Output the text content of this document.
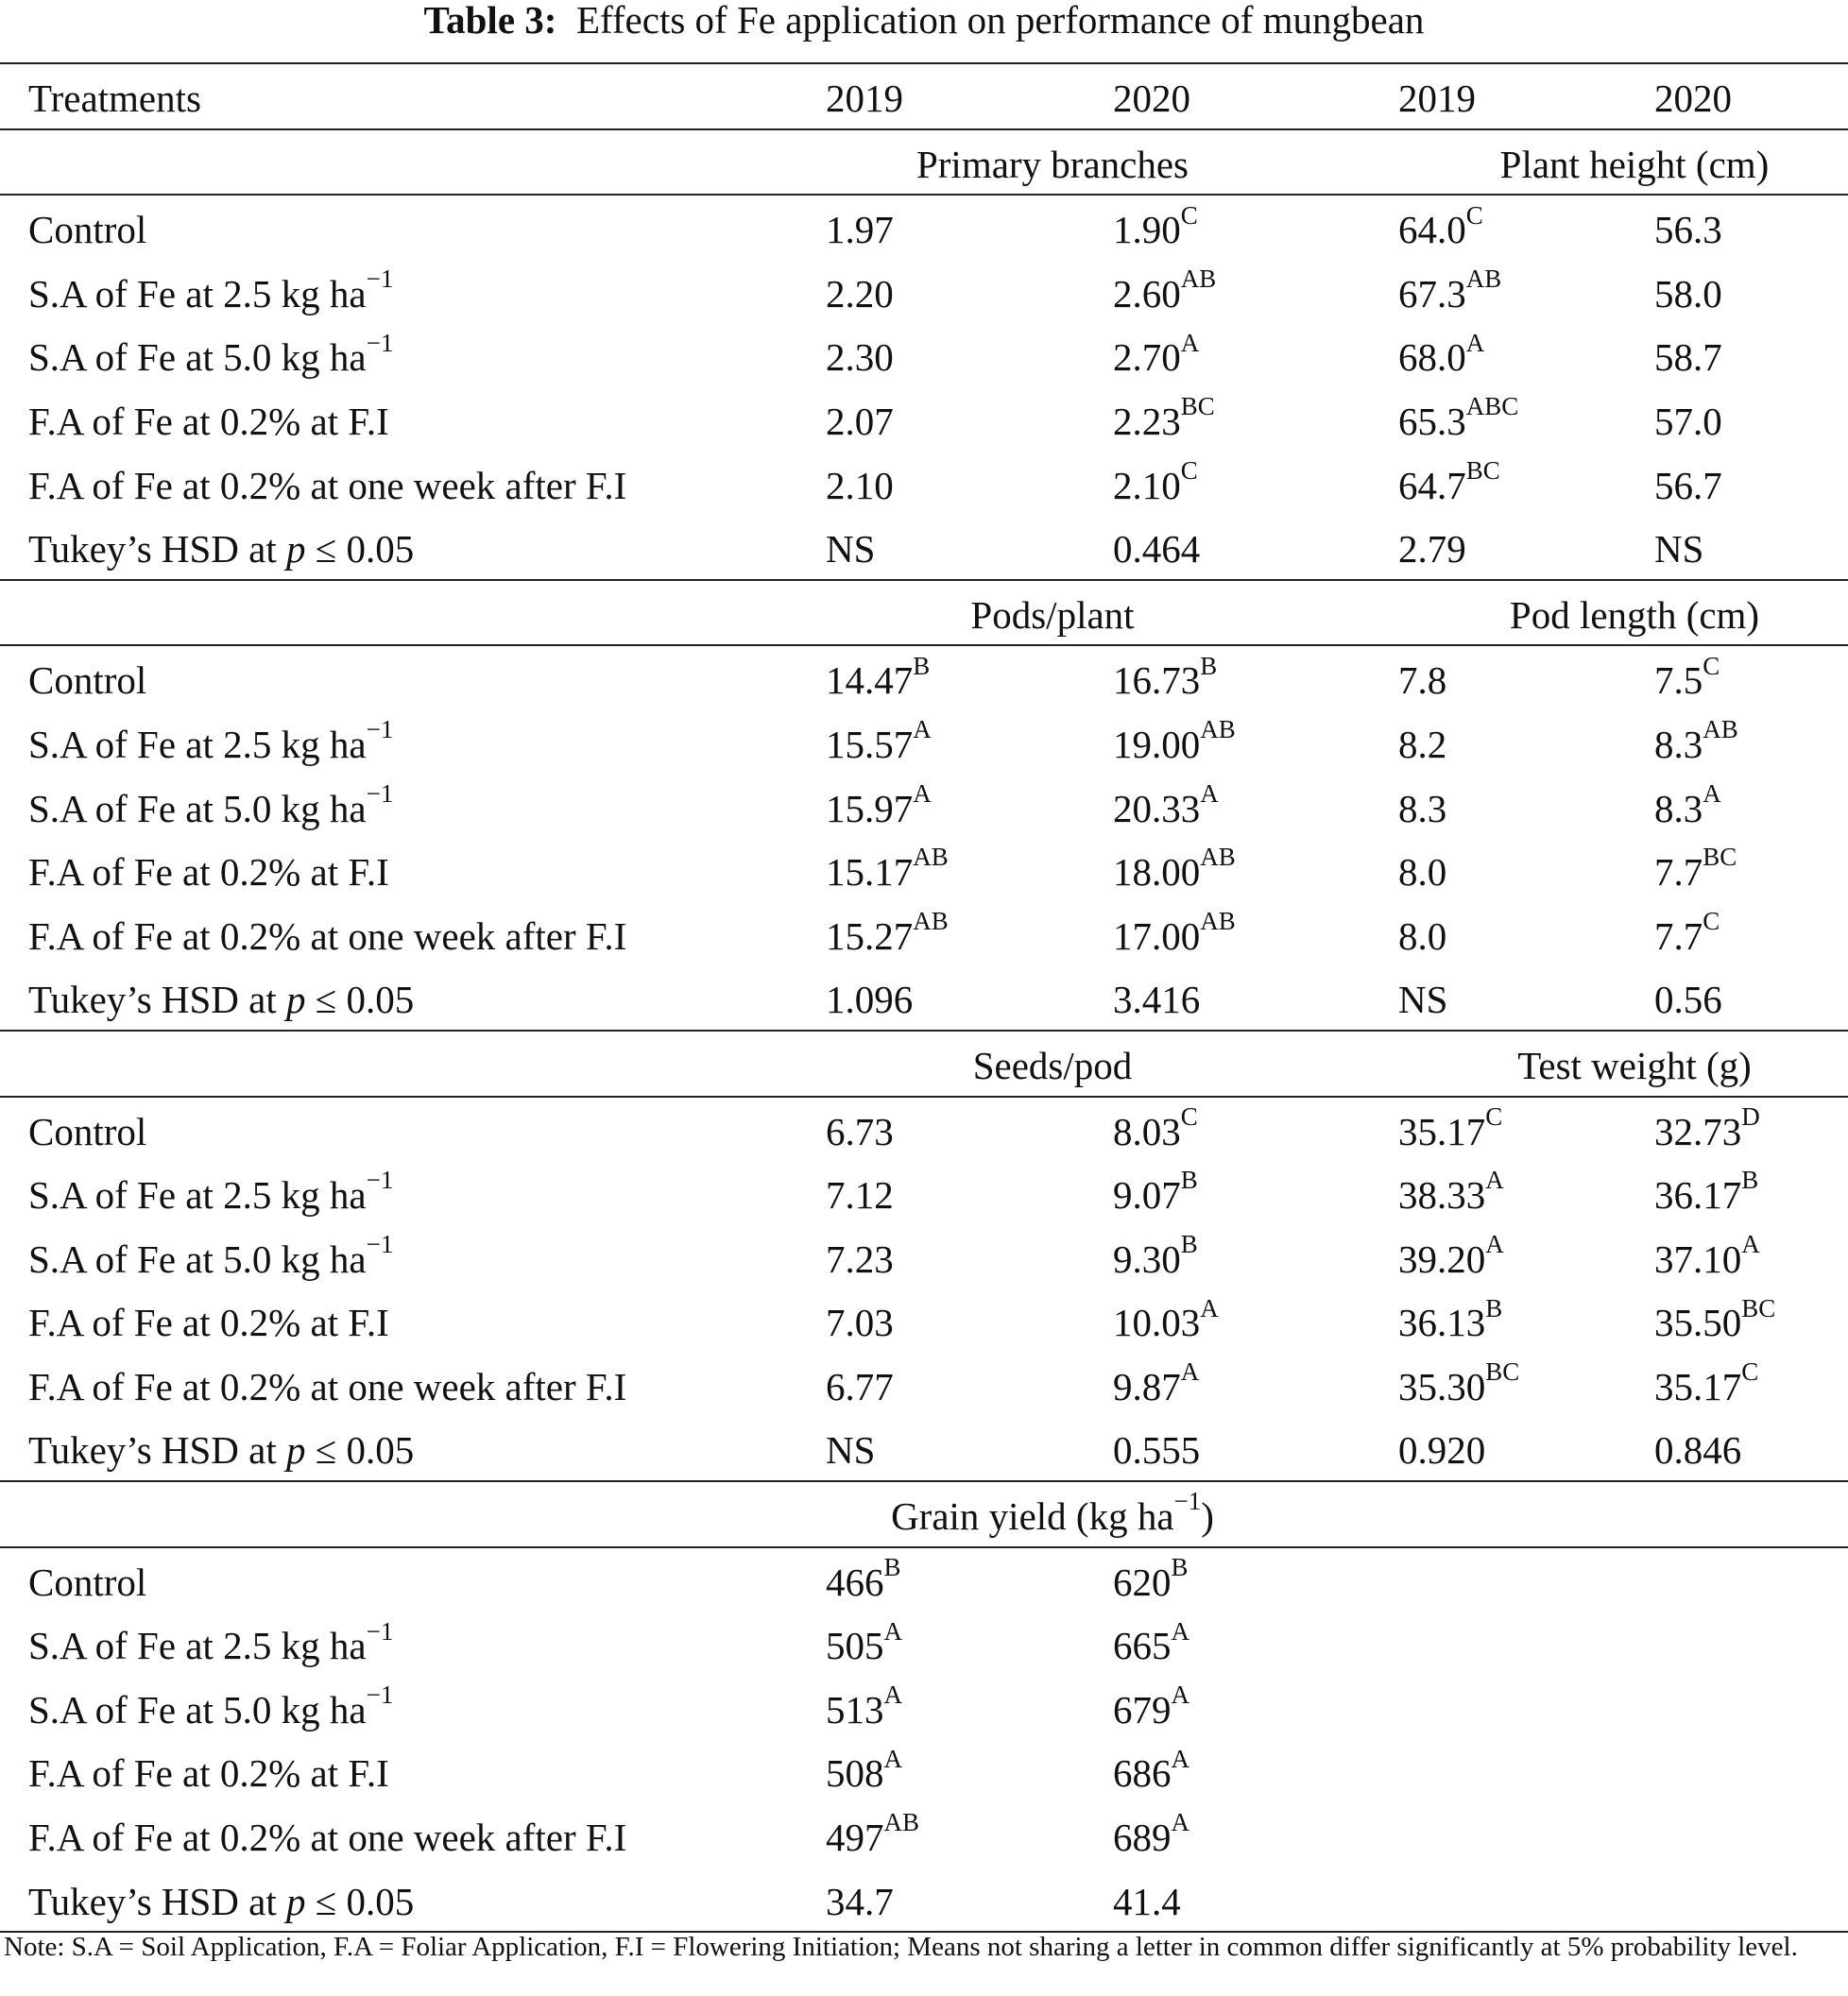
Table 3: Effects of Fe application on performance of mungbean
Treatments	2019	2020	2019	2020
Primary branches	Plant height (cm)
Control	1.97	$1.90^C$	$64.0^C$	56.3
S.A of Fe at 2.5 kg $ha^{-1}$	2.20	$2.60^{AB}$	$67.3^{AB}$	58.0
S.A of Fe at 5.0 kg $ha^{-1}$	2.30	$2.70^A$	$68.0^A$	58.7
F.A of Fe at 0.2% at F.I	2.07	$2.23^{BC}$	$65.3^{ABC}$	57.0
F.A of Fe at 0.2% at one week after F.I	2.10	$2.10^C$	$64.7^{BC}$	56.7
Tukey’s HSD at p ≤ 0.05	NS	0.464	2.79	NS
Pods/plant	Pod length (cm)
Control	$14.47^B$	$16.73^B$	7.8	$7.5^C$
S.A of Fe at 2.5 kg $ha^{-1}$	$15.57^A$	$19.00^{AB}$	8.2	$8.3^{AB}$
S.A of Fe at 5.0 kg $ha^{-1}$	$15.97^A$	$20.33^A$	8.3	$8.3^A$
F.A of Fe at 0.2% at F.I	$15.17^{AB}$	$18.00^{AB}$	8.0	$7.7^{BC}$
F.A of Fe at 0.2% at one week after F.I	$15.27^{AB}$	$17.00^{AB}$	8.0	$7.7^C$
Tukey’s HSD at p ≤ 0.05	1.096	3.416	NS	0.56
Seeds/pod	Test weight (g)
Control	6.73	$8.03^C$	$35.17^C$	$32.73^D$
S.A of Fe at 2.5 kg $ha^{-1}$	7.12	$9.07^B$	$38.33^A$	$36.17^B$
S.A of Fe at 5.0 kg $ha^{-1}$	7.23	$9.30^B$	$39.20^A$	$37.10^A$
F.A of Fe at 0.2% at F.I	7.03	$10.03^A$	$36.13^B$	$35.50^{BC}$
F.A of Fe at 0.2% at one week after F.I	6.77	$9.87^A$	$35.30^{BC}$	$35.17^C$
Tukey’s HSD at p ≤ 0.05	NS	0.555	0.920	0.846
Grain yield (kg $ha^{-1}$)
Control	$466^B$	$620^B$
S.A of Fe at 2.5 kg $ha^{-1}$	$505^A$	$665^A$
S.A of Fe at 5.0 kg $ha^{-1}$	$513^A$	$679^A$
F.A of Fe at 0.2% at F.I	$508^A$	$686^A$
F.A of Fe at 0.2% at one week after F.I	$497^{AB}$	$689^A$
Tukey’s HSD at p ≤ 0.05	34.7	41.4
Note: S.A = Soil Application, F.A = Foliar Application, F.I = Flowering Initiation; Means not sharing a letter in common differ significantly at 5% probability level.
